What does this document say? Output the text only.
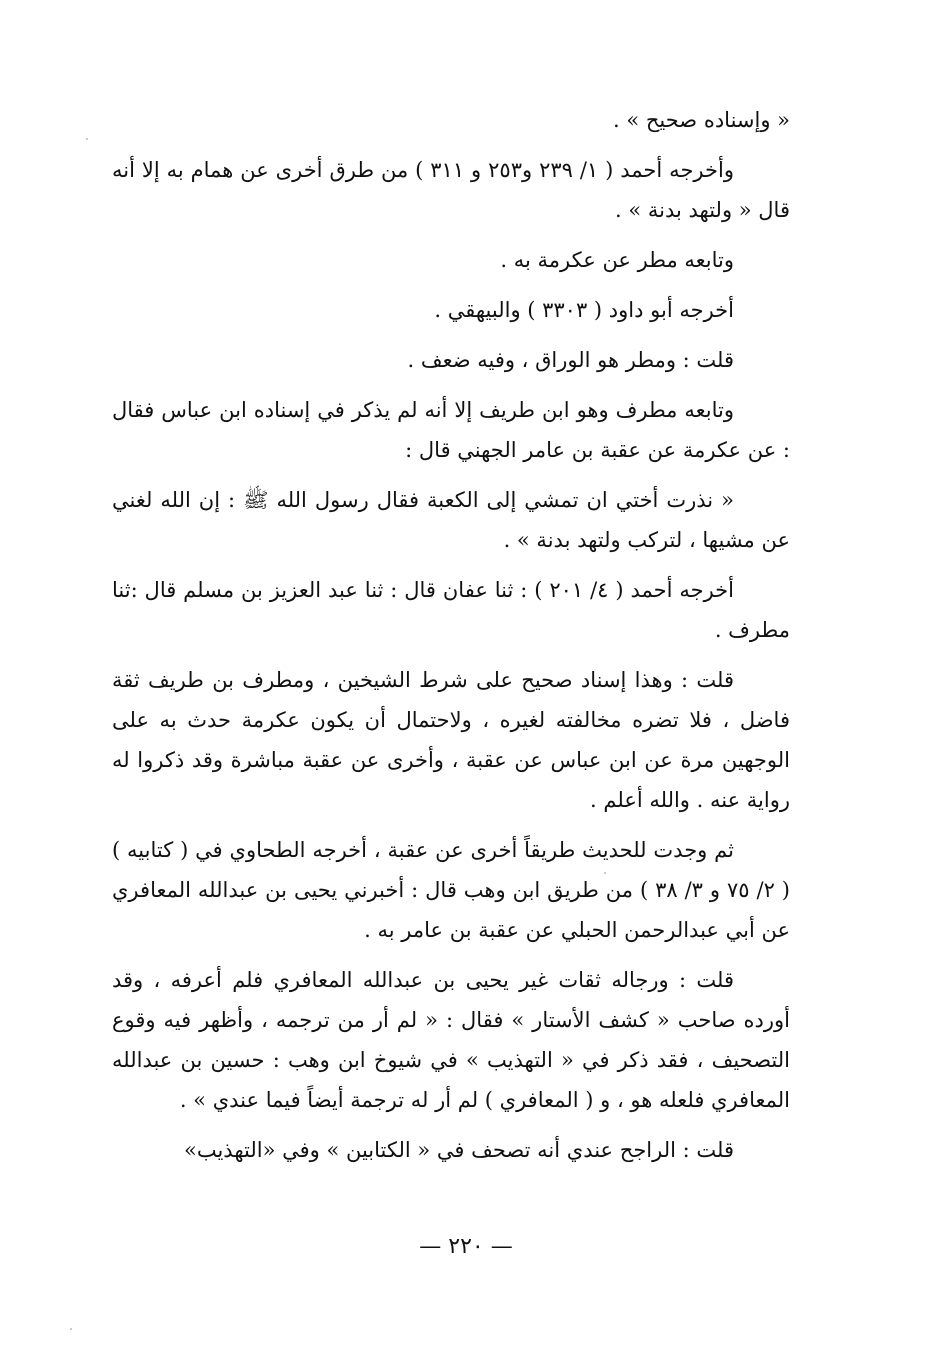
« وإسناده صحيح » .

وأخرجه أحمد ( ١/ ٢٣٩ و٢٥٣ و ٣١١ ) من طرق أخرى عن همام به إلا أنه قال « ولتهد بدنة » .

وتابعه مطر عن عكرمة به .

أخرجه أبو داود ( ٣٣٠٣ ) والبيهقي .

قلت : ومطر هو الوراق ، وفيه ضعف .

وتابعه مطرف وهو ابن طريف إلا أنه لم يذكر في إسناده ابن عباس فقال : عن عكرمة عن عقبة بن عامر الجهني قال :

« نذرت أختي ان تمشي إلى الكعبة فقال رسول الله ﷺ : إن الله لغني عن مشيها ، لتركب ولتهد بدنة » .

أخرجه أحمد ( ٤/ ٢٠١ ) : ثنا عفان قال : ثنا عبد العزيز بن مسلم قال :ثنا مطرف .

قلت : وهذا إسناد صحيح على شرط الشيخين ، ومطرف بن طريف ثقة فاضل ، فلا تضره مخالفته لغيره ، ولاحتمال أن يكون عكرمة حدث به على الوجهين مرة عن ابن عباس عن عقبة ، وأخرى عن عقبة مباشرة وقد ذكروا له رواية عنه . والله أعلم .

ثم وجدت للحديث طريقاً أخرى عن عقبة ، أخرجه الطحاوي في ( كتابيه ) ( ٢/ ٧٥ و ٣/ ٣٨ ) من طريق ابن وهب قال : أخبرني يحيى بن عبدالله المعافري عن أبي عبدالرحمن الحبلي عن عقبة بن عامر به .

قلت : ورجاله ثقات غير يحيى بن عبدالله المعافري فلم أعرفه ، وقد أورده صاحب « كشف الأستار » فقال : « لم أر من ترجمه ، وأظهر فيه وقوع التصحيف ، فقد ذكر في « التهذيب » في شيوخ ابن وهب : حسين بن عبدالله المعافري فلعله هو ، و ( المعافري ) لم أر له ترجمة أيضاً فيما عندي » .

قلت : الراجح عندي أنه تصحف في « الكتابين » وفي «التهذيب»

— ٢٢٠ —
